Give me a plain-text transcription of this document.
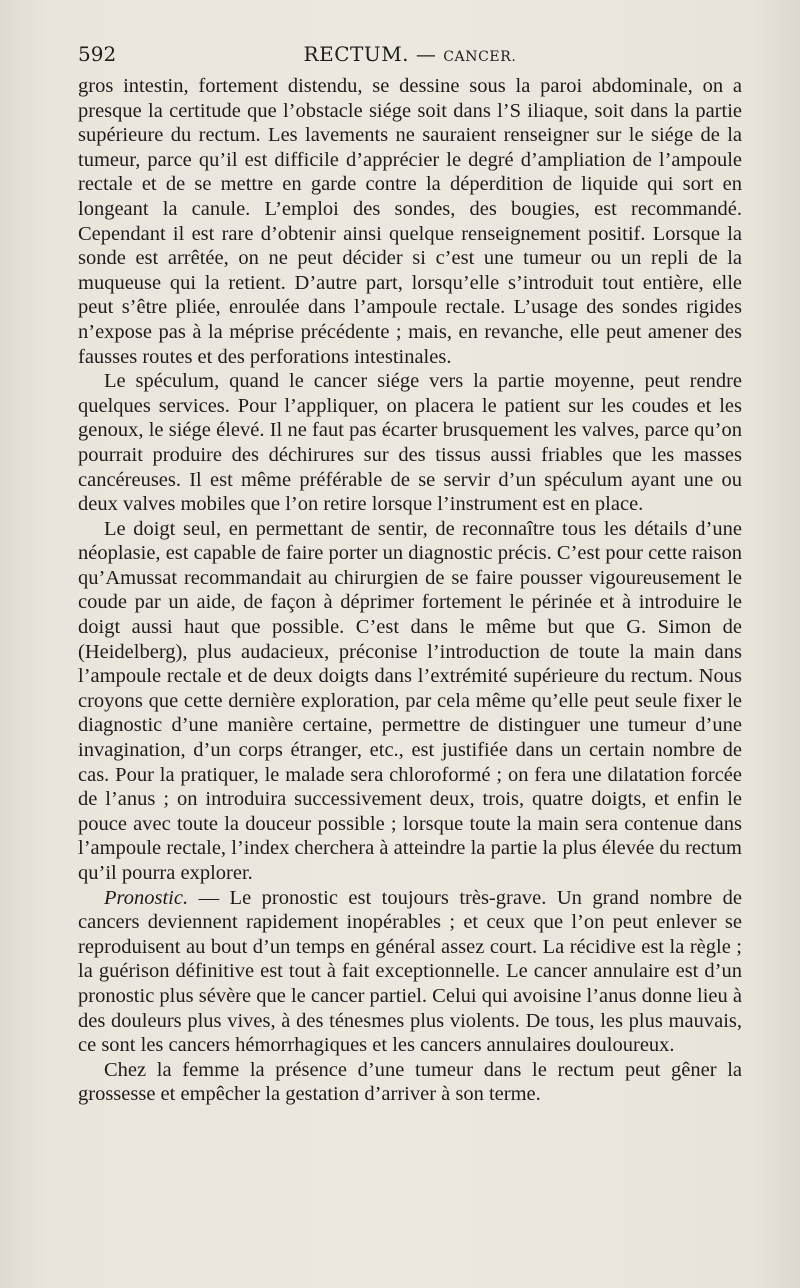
592	RECTUM. — CANCER.

gros intestin, fortement distendu, se dessine sous la paroi abdominale, on a presque la certitude que l’obstacle siége soit dans l’S iliaque, soit dans la partie supérieure du rectum. Les lavements ne sauraient renseigner sur le siége de la tumeur, parce qu’il est difficile d’apprécier le degré d’ampliation de l’ampoule rectale et de se mettre en garde contre la déperdition de liquide qui sort en longeant la canule. L’emploi des sondes, des bougies, est recommandé. Cependant il est rare d’obtenir ainsi quelque renseignement positif. Lorsque la sonde est arrêtée, on ne peut décider si c’est une tumeur ou un repli de la muqueuse qui la retient. D’autre part, lorsqu’elle s’introduit tout entière, elle peut s’être pliée, enroulée dans l’ampoule rectale. L’usage des sondes rigides n’expose pas à la méprise précédente ; mais, en revanche, elle peut amener des fausses routes et des perforations intestinales.

Le spéculum, quand le cancer siége vers la partie moyenne, peut rendre quelques services. Pour l’appliquer, on placera le patient sur les coudes et les genoux, le siége élevé. Il ne faut pas écarter brusquement les valves, parce qu’on pourrait produire des déchirures sur des tissus aussi friables que les masses cancéreuses. Il est même préférable de se servir d’un spéculum ayant une ou deux valves mobiles que l’on retire lorsque l’instrument est en place.

Le doigt seul, en permettant de sentir, de reconnaître tous les détails d’une néoplasie, est capable de faire porter un diagnostic précis. C’est pour cette raison qu’Amussat recommandait au chirurgien de se faire pousser vigoureusement le coude par un aide, de façon à déprimer fortement le périnée et à introduire le doigt aussi haut que possible. C’est dans le même but que G. Simon de (Heidelberg), plus audacieux, préconise l’introduction de toute la main dans l’ampoule rectale et de deux doigts dans l’extrémité supérieure du rectum. Nous croyons que cette dernière exploration, par cela même qu’elle peut seule fixer le diagnostic d’une manière certaine, permettre de distinguer une tumeur d’une invagination, d’un corps étranger, etc., est justifiée dans un certain nombre de cas. Pour la pratiquer, le malade sera chloroformé ; on fera une dilatation forcée de l’anus ; on introduira successivement deux, trois, quatre doigts, et enfin le pouce avec toute la douceur possible ; lorsque toute la main sera contenue dans l’ampoule rectale, l’index cherchera à atteindre la partie la plus élevée du rectum qu’il pourra explorer.

Pronostic. — Le pronostic est toujours très-grave. Un grand nombre de cancers deviennent rapidement inopérables ; et ceux que l’on peut enlever se reproduisent au bout d’un temps en général assez court. La récidive est la règle ; la guérison définitive est tout à fait exceptionnelle. Le cancer annulaire est d’un pronostic plus sévère que le cancer partiel. Celui qui avoisine l’anus donne lieu à des douleurs plus vives, à des ténesmes plus violents. De tous, les plus mauvais, ce sont les cancers hémorrhagiques et les cancers annulaires douloureux.

Chez la femme la présence d’une tumeur dans le rectum peut gêner la grossesse et empêcher la gestation d’arriver à son terme.
